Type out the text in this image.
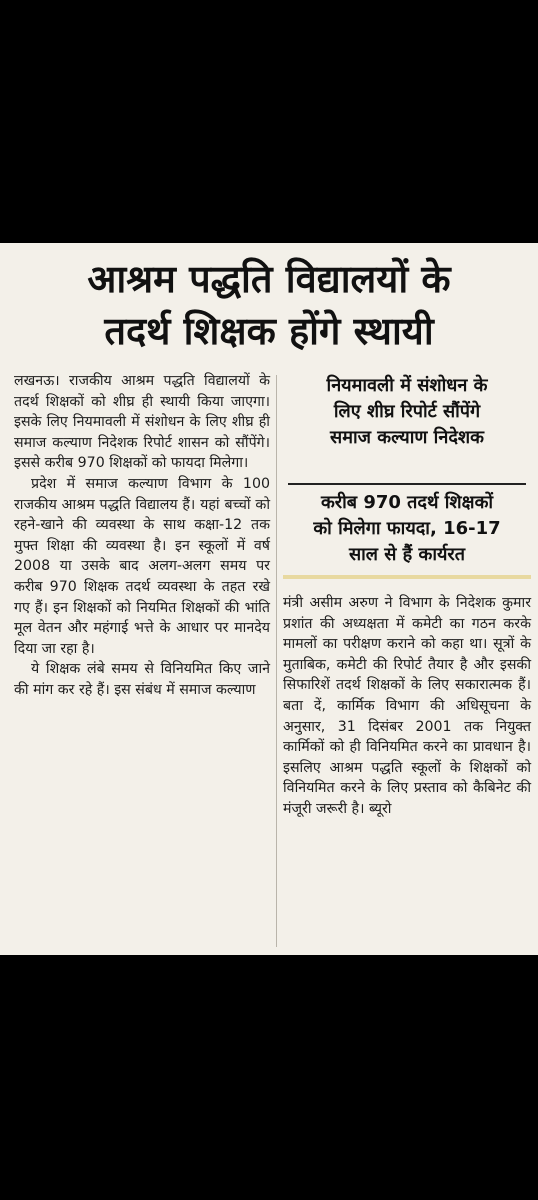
आश्रम पद्धति विद्यालयों के
तदर्थ शिक्षक होंगे स्थायी

लखनऊ। राजकीय आश्रम पद्धति विद्यालयों के तदर्थ शिक्षकों को शीघ्र ही स्थायी किया जाएगा। इसके लिए नियमावली में संशोधन के लिए शीघ्र ही समाज कल्याण निदेशक रिपोर्ट शासन को सौंपेंगे। इससे करीब 970 शिक्षकों को फायदा मिलेगा।

प्रदेश में समाज कल्याण विभाग के 100 राजकीय आश्रम पद्धति विद्यालय हैं। यहां बच्चों को रहने-खाने की व्यवस्था के साथ कक्षा-12 तक मुफ्त शिक्षा की व्यवस्था है। इन स्कूलों में वर्ष 2008 या उसके बाद अलग-अलग समय पर करीब 970 शिक्षक तदर्थ व्यवस्था के तहत रखे गए हैं। इन शिक्षकों को नियमित शिक्षकों की भांति मूल वेतन और महंगाई भत्ते के आधार पर मानदेय दिया जा रहा है।

ये शिक्षक लंबे समय से विनियमित किए जाने की मांग कर रहे हैं। इस संबंध में समाज कल्याण

नियमावली में संशोधन के
लिए शीघ्र रिपोर्ट सौंपेंगे
समाज कल्याण निदेशक
करीब 970 तदर्थ शिक्षकों
को मिलेगा फायदा, 16-17
साल से हैं कार्यरत

मंत्री असीम अरुण ने विभाग के निदेशक कुमार प्रशांत की अध्यक्षता में कमेटी का गठन करके मामलों का परीक्षण कराने को कहा था। सूत्रों के मुताबिक, कमेटी की रिपोर्ट तैयार है और इसकी सिफारिशें तदर्थ शिक्षकों के लिए सकारात्मक हैं। बता दें, कार्मिक विभाग की अधिसूचना के अनुसार, 31 दिसंबर 2001 तक नियुक्त कार्मिकों को ही विनियमित करने का प्रावधान है। इसलिए आश्रम पद्धति स्कूलों के शिक्षकों को विनियमित करने के लिए प्रस्ताव को कैबिनेट की मंजूरी जरूरी है। ब्यूरो
